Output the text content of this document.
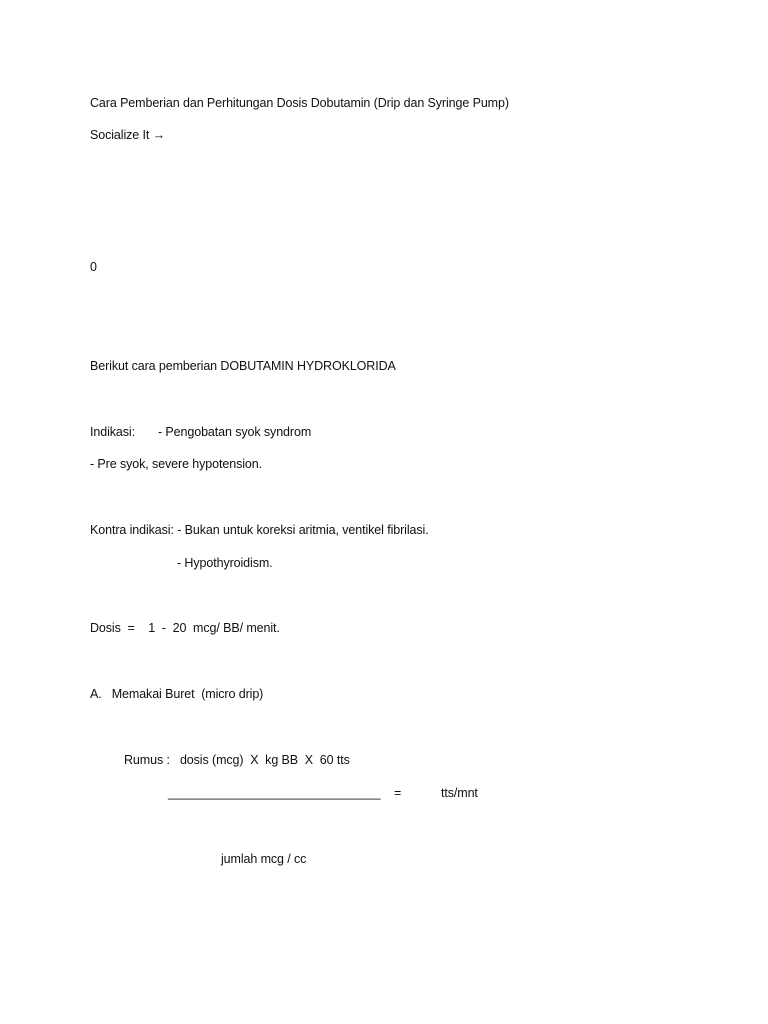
Cara Pemberian dan Perhitungan Dosis Dobutamin (Drip dan Syringe Pump)
Socialize It →
0
Berikut cara pemberian DOBUTAMIN HYDROKLORIDA
Indikasi: - Pengobatan syok syndrom
- Pre syok, severe hypotension.
Kontra indikasi: - Bukan untuk koreksi aritmia, ventikel fibrilasi.
- Hypothyroidism.
Dosis  =    1  -  20  mcg/ BB/ menit.
A.   Memakai Buret  (micro drip)
Rumus :   dosis (mcg)  X  kg BB  X  60 tts
_______________________________ =	tts/mnt
jumlah mcg / cc
